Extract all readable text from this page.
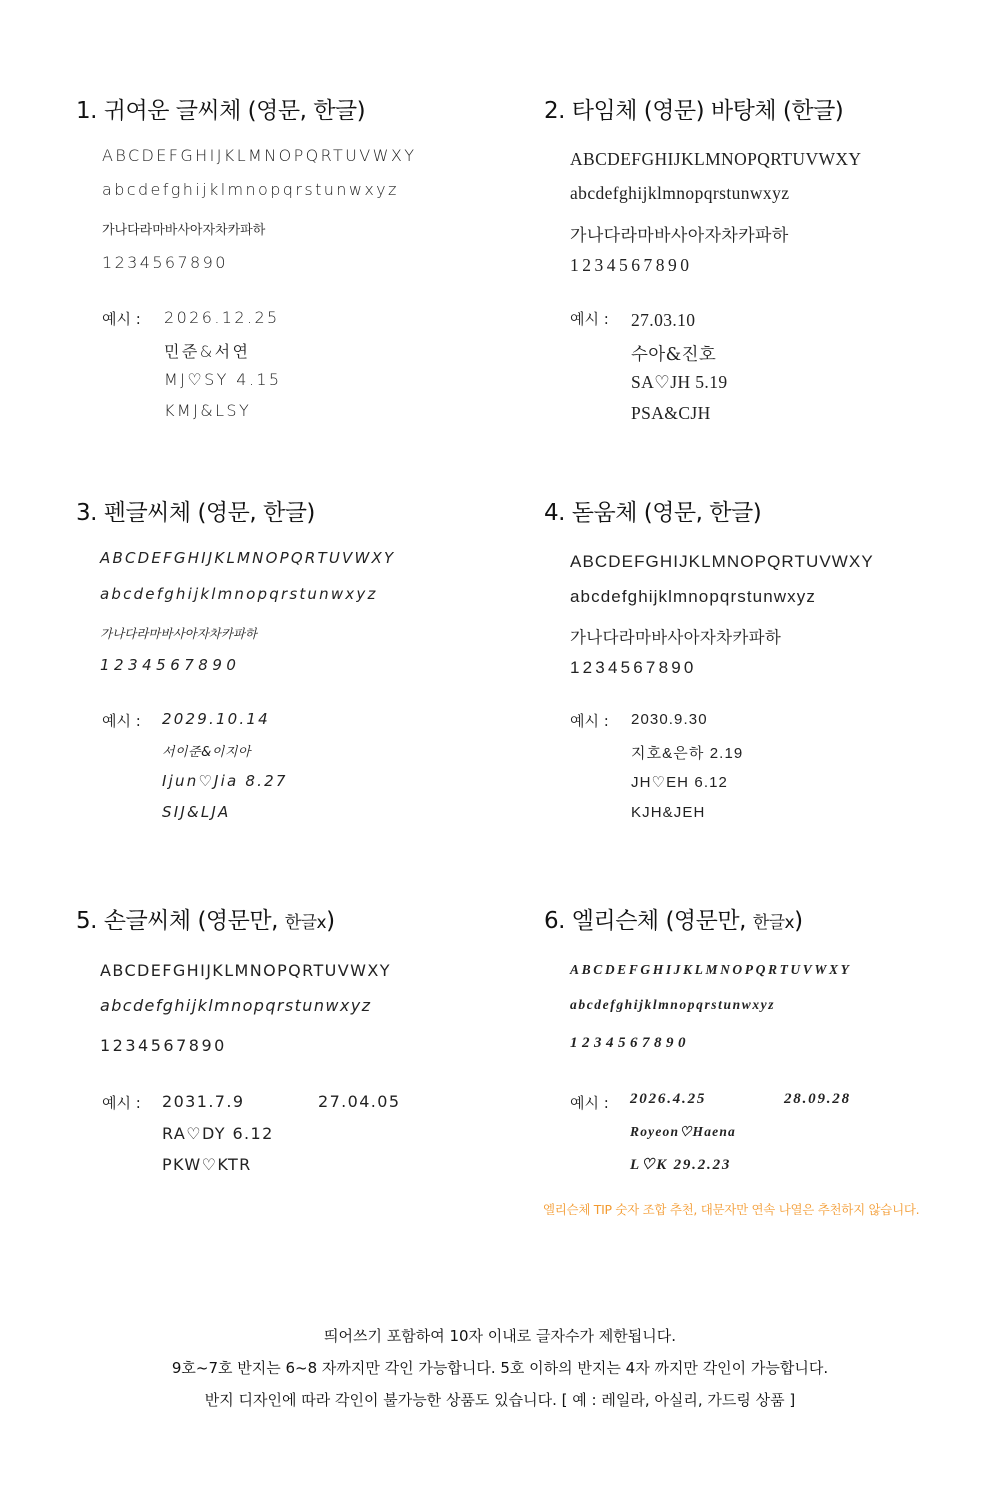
1. 귀여운 글씨체 (영문, 한글)
ABCDEFGHIJKLMNOPQRTUVWXY
abcdefghijklmnopqrstunwxyz
가나다라마바사아자차카파하
1234567890
예시 : 2026.12.25
민준&서연
MJ♡SY 4.15
KMJ&LSY
2. 타임체 (영문) 바탕체 (한글)
ABCDEFGHIJKLMNOPQRTUVWXY
abcdefghijklmnopqrstunwxyz
가나다라마바사아자차카파하
1234567890
예시 : 27.03.10
수아&진호
SA♡JH 5.19
PSA&CJH
3. 펜글씨체 (영문, 한글)
ABCDEFGHIJKLMNOPQRTUVWXY
abcdefghijklmnopqrstunwxyz
가나다라마바사아자차카파하
1234567890
예시 : 2029.10.14
서이준&이지아
Ijun♡Jia 8.27
SIJ&LJA
4. 돋움체 (영문, 한글)
ABCDEFGHIJKLMNOPQRTUVWXY
abcdefghijklmnopqrstunwxyz
가나다라마바사아자차카파하
1234567890
예시 : 2030.9.30
지호&은하 2.19
JH♡EH 6.12
KJH&JEH
5. 손글씨체 (영문만, 한글x)
ABCDEFGHIJKLMNOPQRTUVWXY
abcdefghijklmnopqrstunwxyz
1234567890
예시 : 2031.7.9	27.04.05
RA♡DY 6.12
PKW♡KTR
6. 엘리슨체 (영문만, 한글x)
ABCDEFGHIJKLMNOPQRTUVWXY
abcdefghijklmnopqrstunwxyz
1234567890
예시 : 2026.4.25	28.09.28
Royeon♡Haena
L♡K 29.2.23
엘리슨체 TIP 숫자 조합 추천, 대문자만 연속 나열은 추천하지 않습니다.
띄어쓰기 포함하여 10자 이내로 글자수가 제한됩니다.
9호~7호 반지는 6~8 자까지만 각인 가능합니다. 5호 이하의 반지는 4자 까지만 각인이 가능합니다.
반지 디자인에 따라 각인이 불가능한 상품도 있습니다. [ 예 : 레일라, 아실리, 가드링 상품 ]
